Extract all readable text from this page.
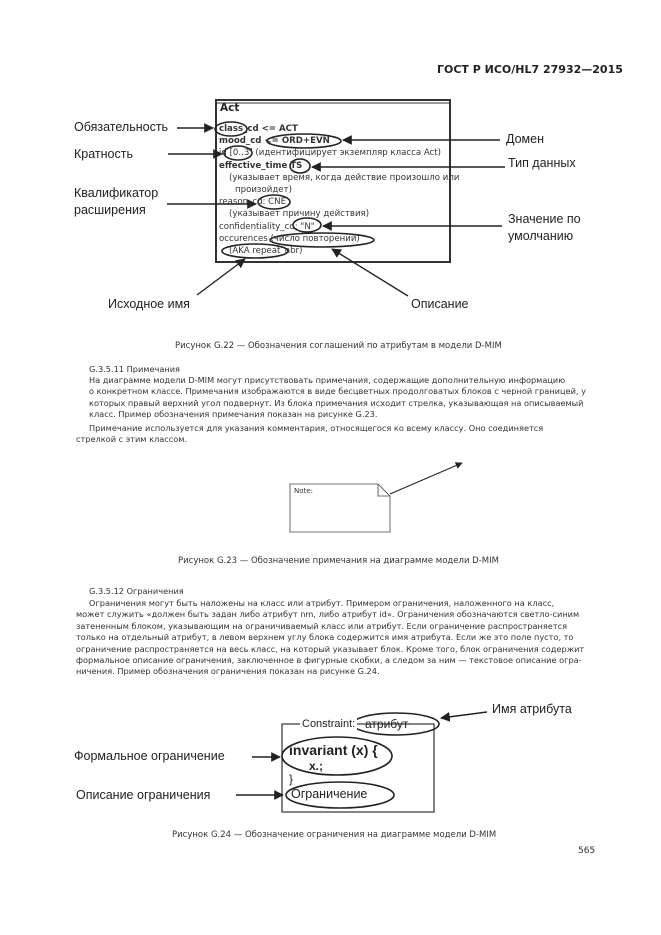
ГОСТ Р ИСО/HL7 27932—2015
Act
class_cd <= ACT
mood_cd <= ORD+EVN
id [0..3] (идентифицирует экземпляр класса Act)
effective_time TS
(указывает время, когда действие произошло или
произойдет)
reason_cd: CNE
(указывает причину действия)
confidentiality_cd: "N"
occurences (число повторений)
(AKA repeat_nbr)
Обязательность
Кратность
Квалификатор
расширения
Исходное имя
Домен
Тип данных
Значение по
умолчанию
Описание
Рисунок G.22 — Обозначения соглашений по атрибутам в модели D-MIM
G.3.5.11 Примечания
На диаграмме модели D-MIM могут присутствовать примечания, содержащие дополнительную информацию
о конкретном классе. Примечания изображаются в виде бесцветных продолговатых блоков с черной границей, у
которых правый верхний угол подвернут. Из блока примечания исходит стрелка, указывающая на описываемый
класс. Пример обозначения примечания показан на рисунке G.23.
Примечание используется для указания комментария, относящегося ко всему классу. Оно соединяется
стрелкой с этим классом.
Note:
Рисунок G.23 — Обозначение примечания на диаграмме модели D-MIM
G.3.5.12 Ограничения
Ограничения могут быть наложены на класс или атрибут. Примером ограничения, наложенного на класс,
может служить «должен быть задан либо атрибут nm, либо атрибут id». Ограничения обозначаются светло-синим
затененным блоком, указывающим на ограничиваемый класс или атрибут. Если ограничение распространяется
только на отдельный атрибут, в левом верхнем углу блока содержится имя атрибута. Если же это поле пусто, то
ограничение распространяется на весь класс, на который указывает блок. Кроме того, блок ограничения содержит
формальное описание ограничения, заключенное в фигурные скобки, а следом за ним — текстовое описание огра-
ничения. Пример обозначения ограничения показан на рисунке G.24.
Constraint: атрибут
invariant (x) {
x.;
}
Ограничение
Имя атрибута
Формальное ограничение
Описание ограничения
Рисунок G.24 — Обозначение ограничения на диаграмме модели D-MIM
565
